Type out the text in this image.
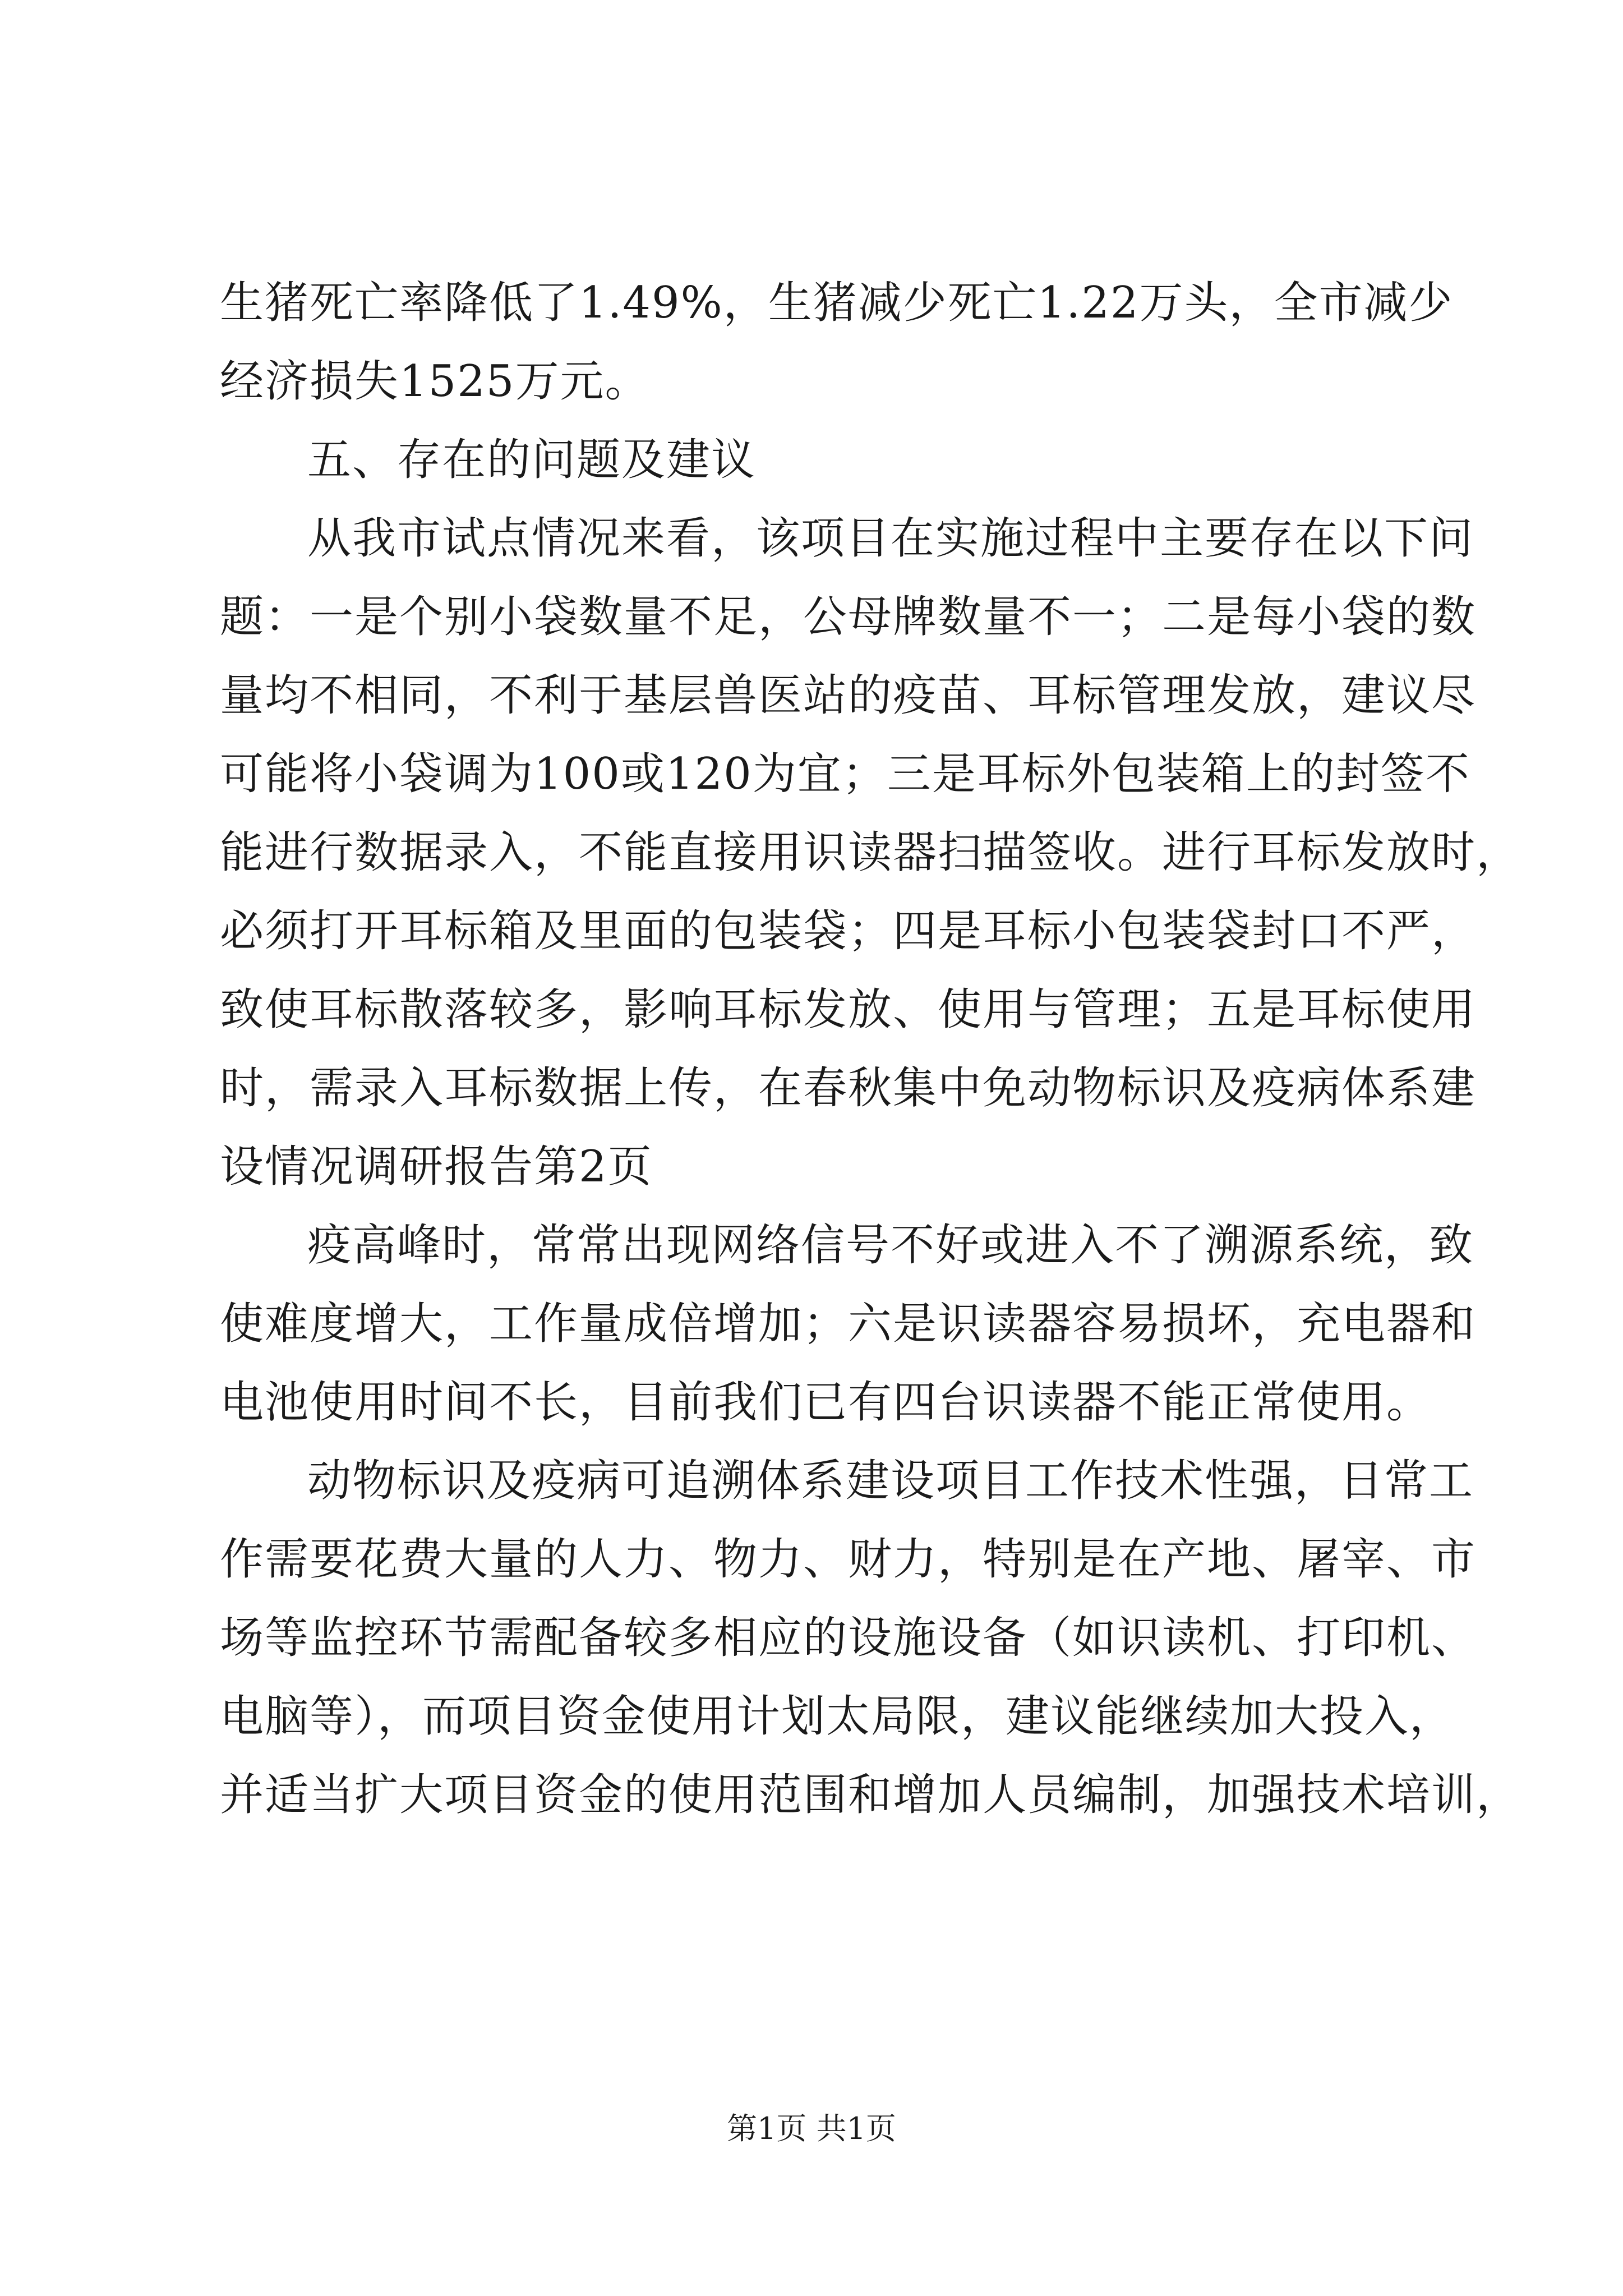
生猪死亡率降低了1.49%，生猪减少死亡1.22万头，全市减少
经济损失1525万元。
五、存在的问题及建议
从我市试点情况来看，该项目在实施过程中主要存在以下问
题：一是个别小袋数量不足，公母牌数量不一；二是每小袋的数
量均不相同，不利于基层兽医站的疫苗、耳标管理发放，建议尽
可能将小袋调为100或120为宜；三是耳标外包装箱上的封签不
能进行数据录入，不能直接用识读器扫描签收。进行耳标发放时，
必须打开耳标箱及里面的包装袋；四是耳标小包装袋封口不严，
致使耳标散落较多，影响耳标发放、使用与管理；五是耳标使用
时，需录入耳标数据上传，在春秋集中免动物标识及疫病体系建
设情况调研报告第2页
疫高峰时，常常出现网络信号不好或进入不了溯源系统，致
使难度增大，工作量成倍增加；六是识读器容易损坏，充电器和
电池使用时间不长，目前我们已有四台识读器不能正常使用。
动物标识及疫病可追溯体系建设项目工作技术性强，日常工
作需要花费大量的人力、物力、财力，特别是在产地、屠宰、市
场等监控环节需配备较多相应的设施设备（如识读机、打印机、
电脑等），而项目资金使用计划太局限，建议能继续加大投入，
并适当扩大项目资金的使用范围和增加人员编制，加强技术培训，
第1页 共1页
